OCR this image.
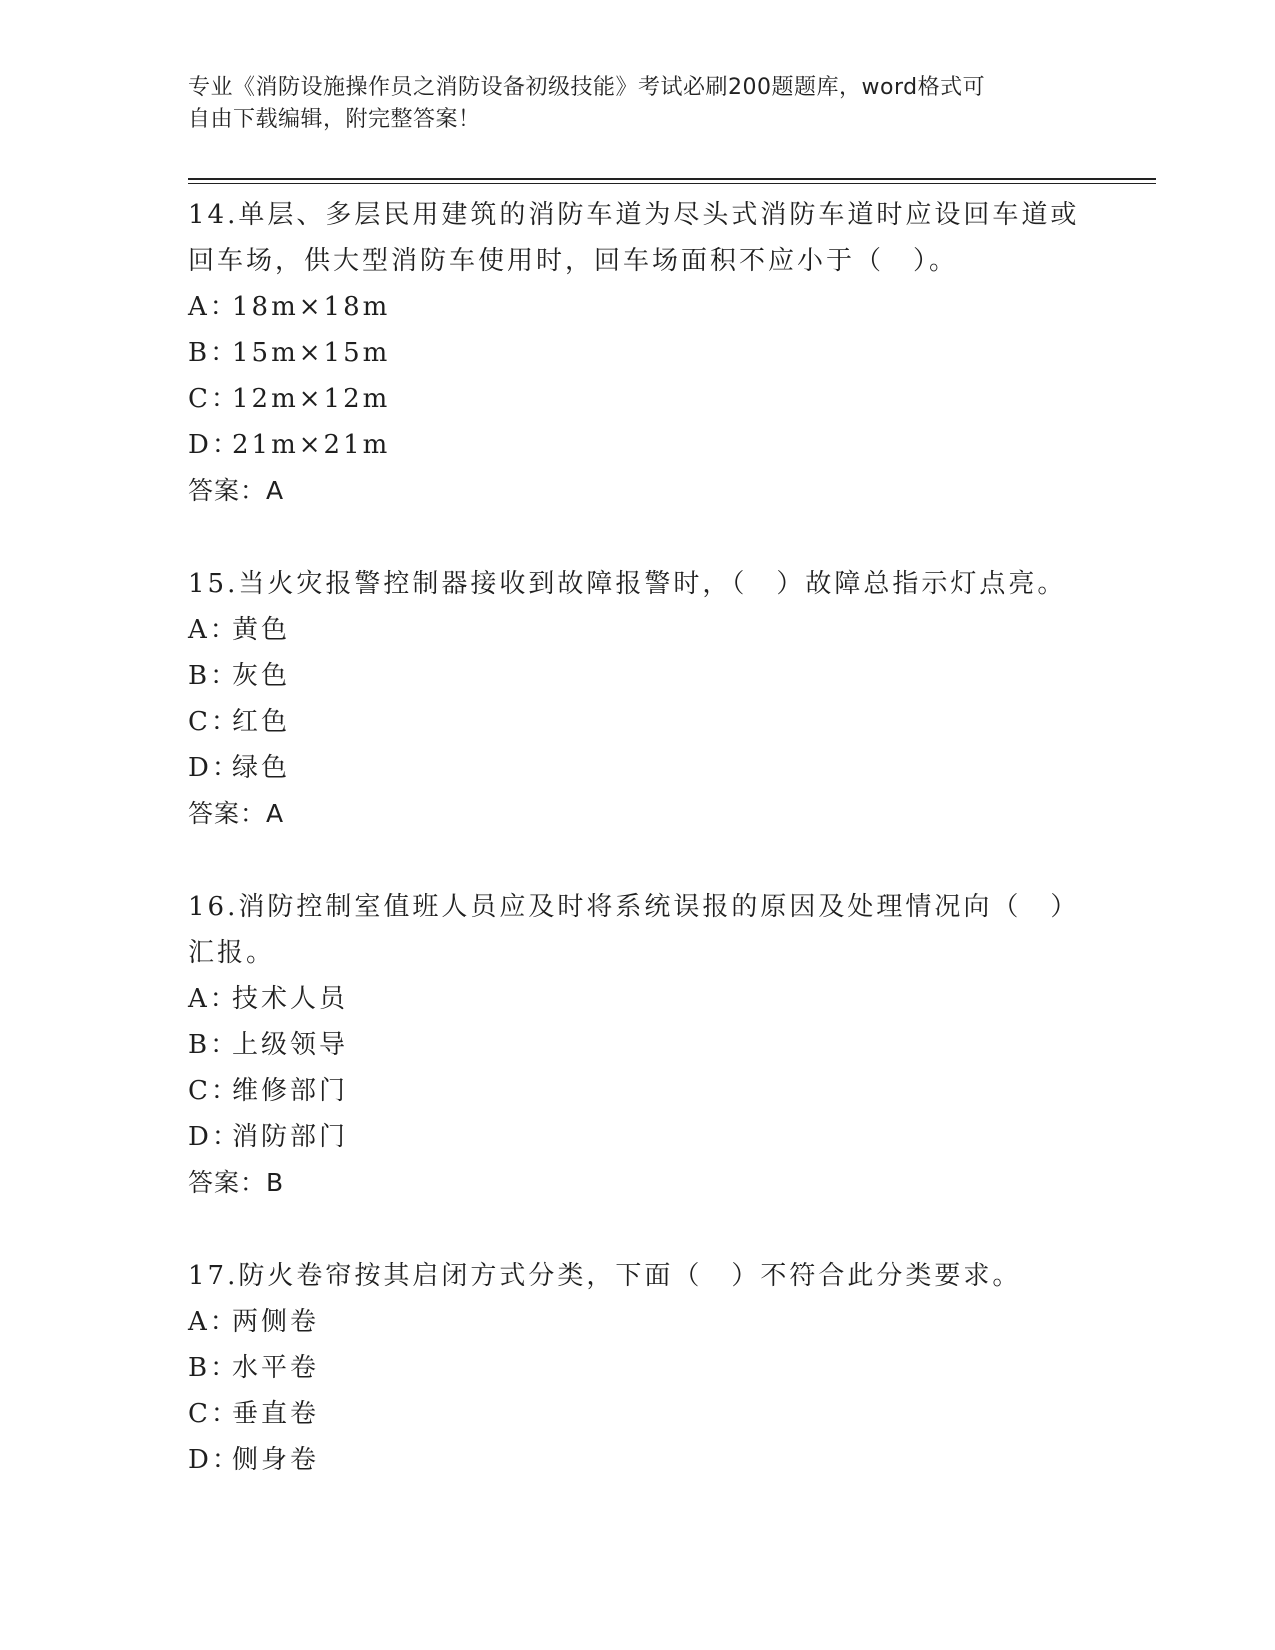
专业《消防设施操作员之消防设备初级技能》考试必刷200题题库，word格式可
自由下载编辑，附完整答案！

14.单层、多层民用建筑的消防车道为尽头式消防车道时应设回车道或

回车场，供大型消防车使用时，回车场面积不应小于（　）。

A：18m×18m

B：15m×15m

C：12m×12m

D：21m×21m

答案：A

15.当火灾报警控制器接收到故障报警时，（　）故障总指示灯点亮。

A：黄色

B：灰色

C：红色

D：绿色

答案：A

16.消防控制室值班人员应及时将系统误报的原因及处理情况向（　）

汇报。

A：技术人员

B：上级领导

C：维修部门

D：消防部门

答案：B

17.防火卷帘按其启闭方式分类，下面（　）不符合此分类要求。

A：两侧卷

B：水平卷

C：垂直卷

D：侧身卷
